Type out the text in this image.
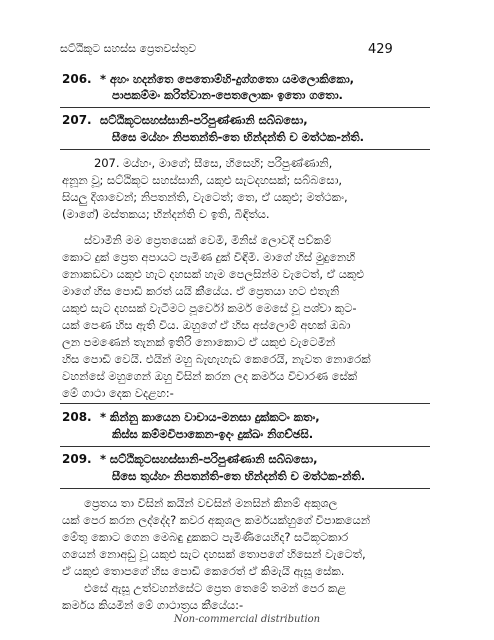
සට්ඨිකූට සහස්ස ප්‍රෙතවස්තුව	429
206. * අහං හදන්තෙ පෙතොම්හි-දුග්ගතො යමලොකිකො,
පාපකම්මං කරිත්වාන-පෙතලොකං ඉතො ගතො.
207. සට්ඨිකූටසහස්සානි-පරිපුණ්ණානි සබ්බසො,
සීසෙ මය්හං නිපතන්ති-තෙ භින්දන්ති ච මත්ථක-න්ති.
207. මය්හං, මාගේ; සීසෙ, හිසෙහි; පරිපුණ්ණානි,
අනූන වූ; සට්ඨිකූට සහස්සානි, යකුළු සැටදහසක්; සබ්බසො,
සියලු දිශාවෙන්; නිපතන්ති, වැටෙත්; තෙ, ඒ යකුළු; මත්ථකං,
(මාගේ) මස්තකය; භින්දන්ති ච ඉති, බිඳිත්ය.
ස්වාමීනි මම ප්‍රෙතයෙක් වෙමි, මිනිස් ලොවදී පව්කම්
කොට දුක් ප්‍රෙත අපායට පැමිණ දුක් විඳිමි. මාගේ හිස් මුදුනෙහි
නොකඩවා යකුළු හැට දහසක් හැම පෙලසින්ම වැටෙත්, ඒ යකුළු
මාගේ හිස පොඩි කරත් යයි කීයේය. ඒ ප්‍රෙතයා හට එතැනි
යකුළු සැට දහසක් වැටීමට පූර්වෝ කර්ම මෙසේ වූ පශ්චා කුට-
යක් පෙණ හිස ඇති විය. ඔහුගේ ඒ හිස අස්ලොම් අඟක් ඔබා
ලන පමණෙන් තැනක් ඉතිරි නොකොට ඒ යකුළු වැටෙමින්
හිස පොඩි වෙයි. එයින් මහු බැඟැහැඩ කෙරෙයි, නැවත නොරෙක්
වහන්සේ මහුගෙන් ඔහු විසින් කරන ලද කර්මය විචාරණ සේක්
මේ ගාථා දෙක වදළහ:-
208. * කින්නු කායෙන වාචාය-මනසා දුක්කටං කතං,
කිස්ස කම්මවිපාකෙන-ඉදං දුක්ඛං නිගච්ඡසි.
209. * සට්ඨිකූටසහස්සානි-පරිපුණ්ණානි සබ්බසො,
සීසෙ තුය්හං නිපතන්ති-තෙ භින්දන්ති ච මත්ථක-න්ති.
ප්‍රෙතය තා විසින් කයින් වචසින් මනසින් කිනම් අකුශල
යක් පෙර කරන ලද්දේද? කවර අකුශල කර්මයක්හුගේ විපාකයෙන්
මේතු කොට ගෙන මෙබඳු දුකකට පැමිණියෙහිද? සටිකූටකාර
ගයෙන් නොඅඩු වූ යකුළු සැට දහසක් තොපගේ හිසෙන් වැටෙත්,
ඒ යකුළු තොපගේ හිස පොඩි කෙරෙත් ඒ කිමැයි ඇසූ සේක.
එසේ ඇසූ උත්වහන්සේට ප්‍රෙත තෙමේ තමන් පෙර කළ
කර්මය කියමින් මේ ගාථාත්‍රය කීයේය:-
Non-commercial distribution
